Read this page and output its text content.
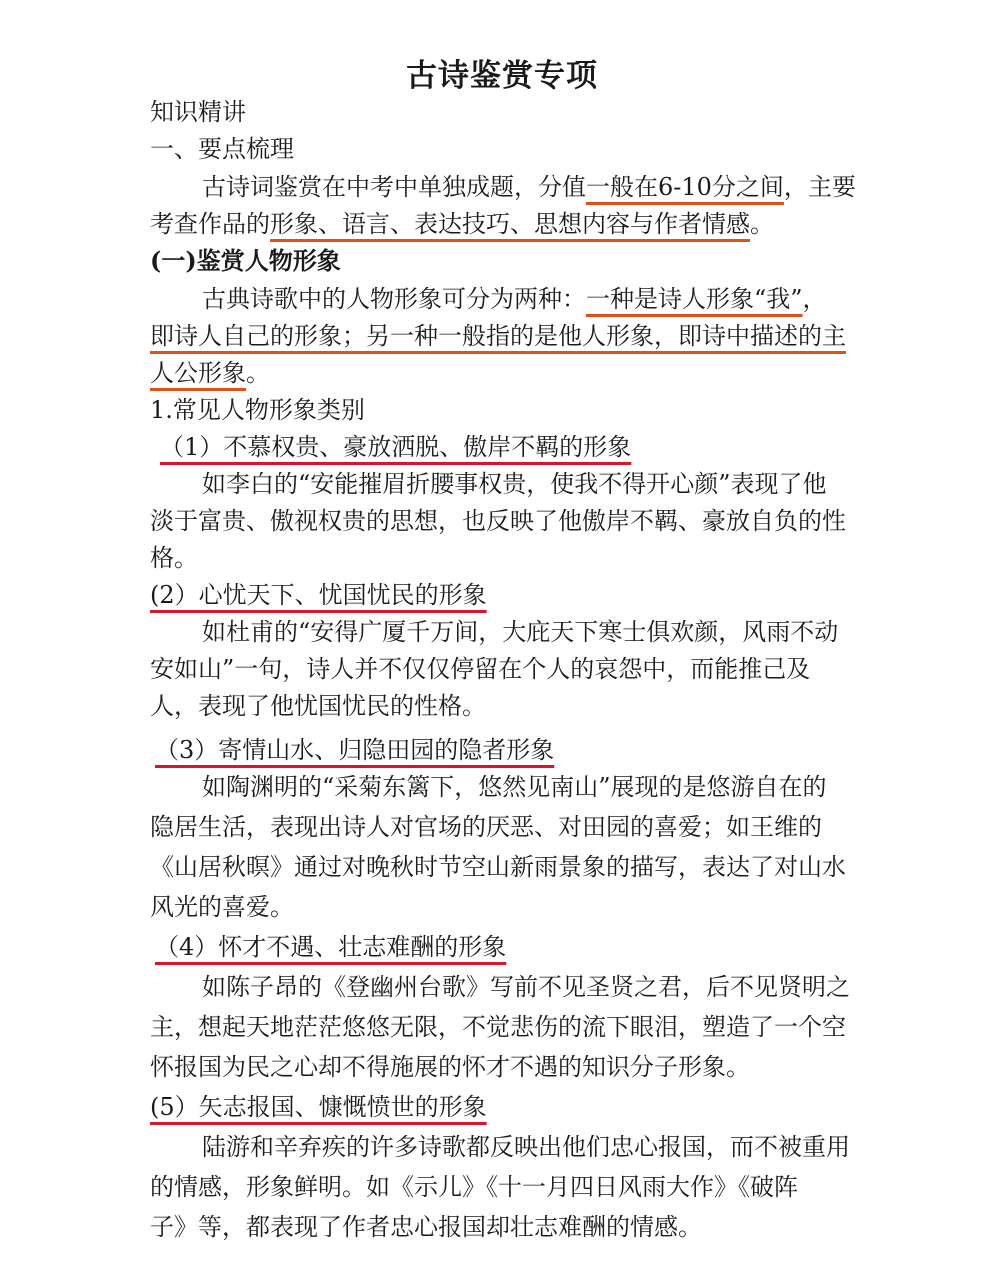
古诗鉴赏专项
知识精讲
一、要点梳理
古诗词鉴赏在中考中单独成题，分值一般在6-10分之间，主要
考查作品的形象、语言、表达技巧、思想内容与作者情感。
(一)鉴赏人物形象
古典诗歌中的人物形象可分为两种：一种是诗人形象“我”，
即诗人自己的形象；另一种一般指的是他人形象，即诗中描述的主
人公形象。
1.常见人物形象类别
（1）不慕权贵、豪放洒脱、傲岸不羁的形象
如李白的“安能摧眉折腰事权贵，使我不得开心颜”表现了他
淡于富贵、傲视权贵的思想，也反映了他傲岸不羁、豪放自负的性
格。
(2）心忧天下、忧国忧民的形象
如杜甫的“安得广厦千万间，大庇天下寒士俱欢颜，风雨不动
安如山”一句，诗人并不仅仅停留在个人的哀怨中，而能推己及
人，表现了他忧国忧民的性格。
（3）寄情山水、归隐田园的隐者形象
如陶渊明的“采菊东篱下，悠然见南山”展现的是悠游自在的
隐居生活，表现出诗人对官场的厌恶、对田园的喜爱；如王维的
《山居秋暝》通过对晚秋时节空山新雨景象的描写，表达了对山水
风光的喜爱。
（4）怀才不遇、壮志难酬的形象
如陈子昂的《登幽州台歌》写前不见圣贤之君，后不见贤明之
主，想起天地茫茫悠悠无限，不觉悲伤的流下眼泪，塑造了一个空
怀报国为民之心却不得施展的怀才不遇的知识分子形象。
(5）矢志报国、慷慨愤世的形象
陆游和辛弃疾的许多诗歌都反映出他们忠心报国，而不被重用
的情感，形象鲜明。如《示儿》《十一月四日风雨大作》《破阵
子》等，都表现了作者忠心报国却壮志难酬的情感。
